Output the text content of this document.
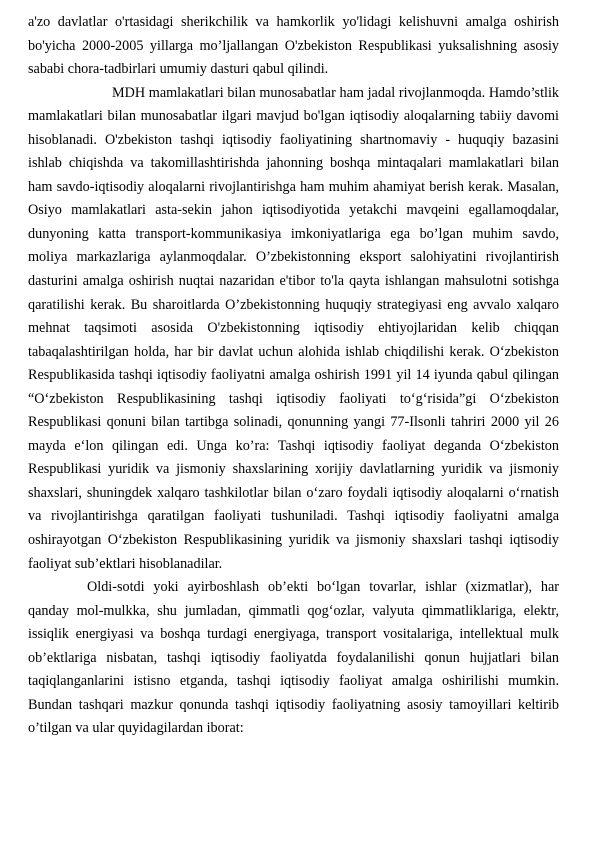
a'zo davlatlar o'rtasidagi sherikchilik va hamkorlik yo'lidagi kelishuvni amalga oshirish bo'yicha 2000-2005 yillarga mo’ljallangan O'zbekiston Respublikasi yuksalishning asosiy sababi chora-tadbirlari umumiy dasturi qabul qilindi.

MDH mamlakatlari bilan munosabatlar ham jadal rivojlanmoqda. Hamdo’stlik mamlakatlari bilan munosabatlar ilgari mavjud bo'lgan iqtisodiy aloqalarning tabiiy davomi hisoblanadi. O'zbekiston tashqi iqtisodiy faoliyatining shartnomaviy - huquqiy bazasini ishlab chiqishda va takomillashtirishda jahonning boshqa mintaqalari mamlakatlari bilan ham savdo-iqtisodiy aloqalarni rivojlantirishga ham muhim ahamiyat berish kerak. Masalan, Osiyo mamlakatlari asta-sekin jahon iqtisodiyotida yetakchi mavqeini egallamoqdalar, dunyoning katta transport-kommunikasiya imkoniyatlariga ega bo’lgan muhim savdo, moliya markazlariga aylanmoqdalar. O’zbekistonning eksport salohiyatini rivojlantirish dasturini amalga oshirish nuqtai nazaridan e'tibor to'la qayta ishlangan mahsulotni sotishga qaratilishi kerak. Bu sharoitlarda O’zbekistonning huquqiy strategiyasi eng avvalo xalqaro mehnat taqsimoti asosida O'zbekistonning iqtisodiy ehtiyojlaridan kelib chiqqan tabaqalashtirilgan holda, har bir davlat uchun alohida ishlab chiqdilishi kerak. O‘zbekiston Respublikasida tashqi iqtisodiy faoliyatni amalga oshirish 1991 yil 14 iyunda qabul qilingan “O‘zbekiston Respublikasining tashqi iqtisodiy faoliyati to‘g‘risida”gi O‘zbekiston Respublikasi qonuni bilan tartibga solinadi, qonunning yangi 77-Ilsonli tahriri 2000 yil 26 mayda e‘lon qilingan edi. Unga ko’ra: Tashqi iqtisodiy faoliyat deganda O‘zbekiston Respublikasi yuridik va jismoniy shaxslarining xorijiy davlatlarning yuridik va jismoniy shaxslari, shuningdek xalqaro tashkilotlar bilan o‘zaro foydali iqtisodiy aloqalarni o‘rnatish va rivojlantirishga qaratilgan faoliyati tushuniladi. Tashqi iqtisodiy faoliyatni amalga oshirayotgan O‘zbekiston Respublikasining yuridik va jismoniy shaxslari tashqi iqtisodiy faoliyat sub’ektlari hisoblanadilar.

Oldi-sotdi yoki ayirboshlash ob’ekti bo‘lgan tovarlar, ishlar (xizmatlar), har qanday mol-mulkka, shu jumladan, qimmatli qog‘ozlar, valyuta qimmatliklariga, elektr, issiqlik energiyasi va boshqa turdagi energiyaga, transport vositalariga, intellektual mulk ob’ektlariga nisbatan, tashqi iqtisodiy faoliyatda foydalanilishi qonun hujjatlari bilan taqiqlanganlarini istisno etganda, tashqi iqtisodiy faoliyat amalga oshirilishi mumkin. Bundan tashqari mazkur qonunda tashqi iqtisodiy faoliyatning asosiy tamoyillari keltirib o’tilgan va ular quyidagilardan iborat:
